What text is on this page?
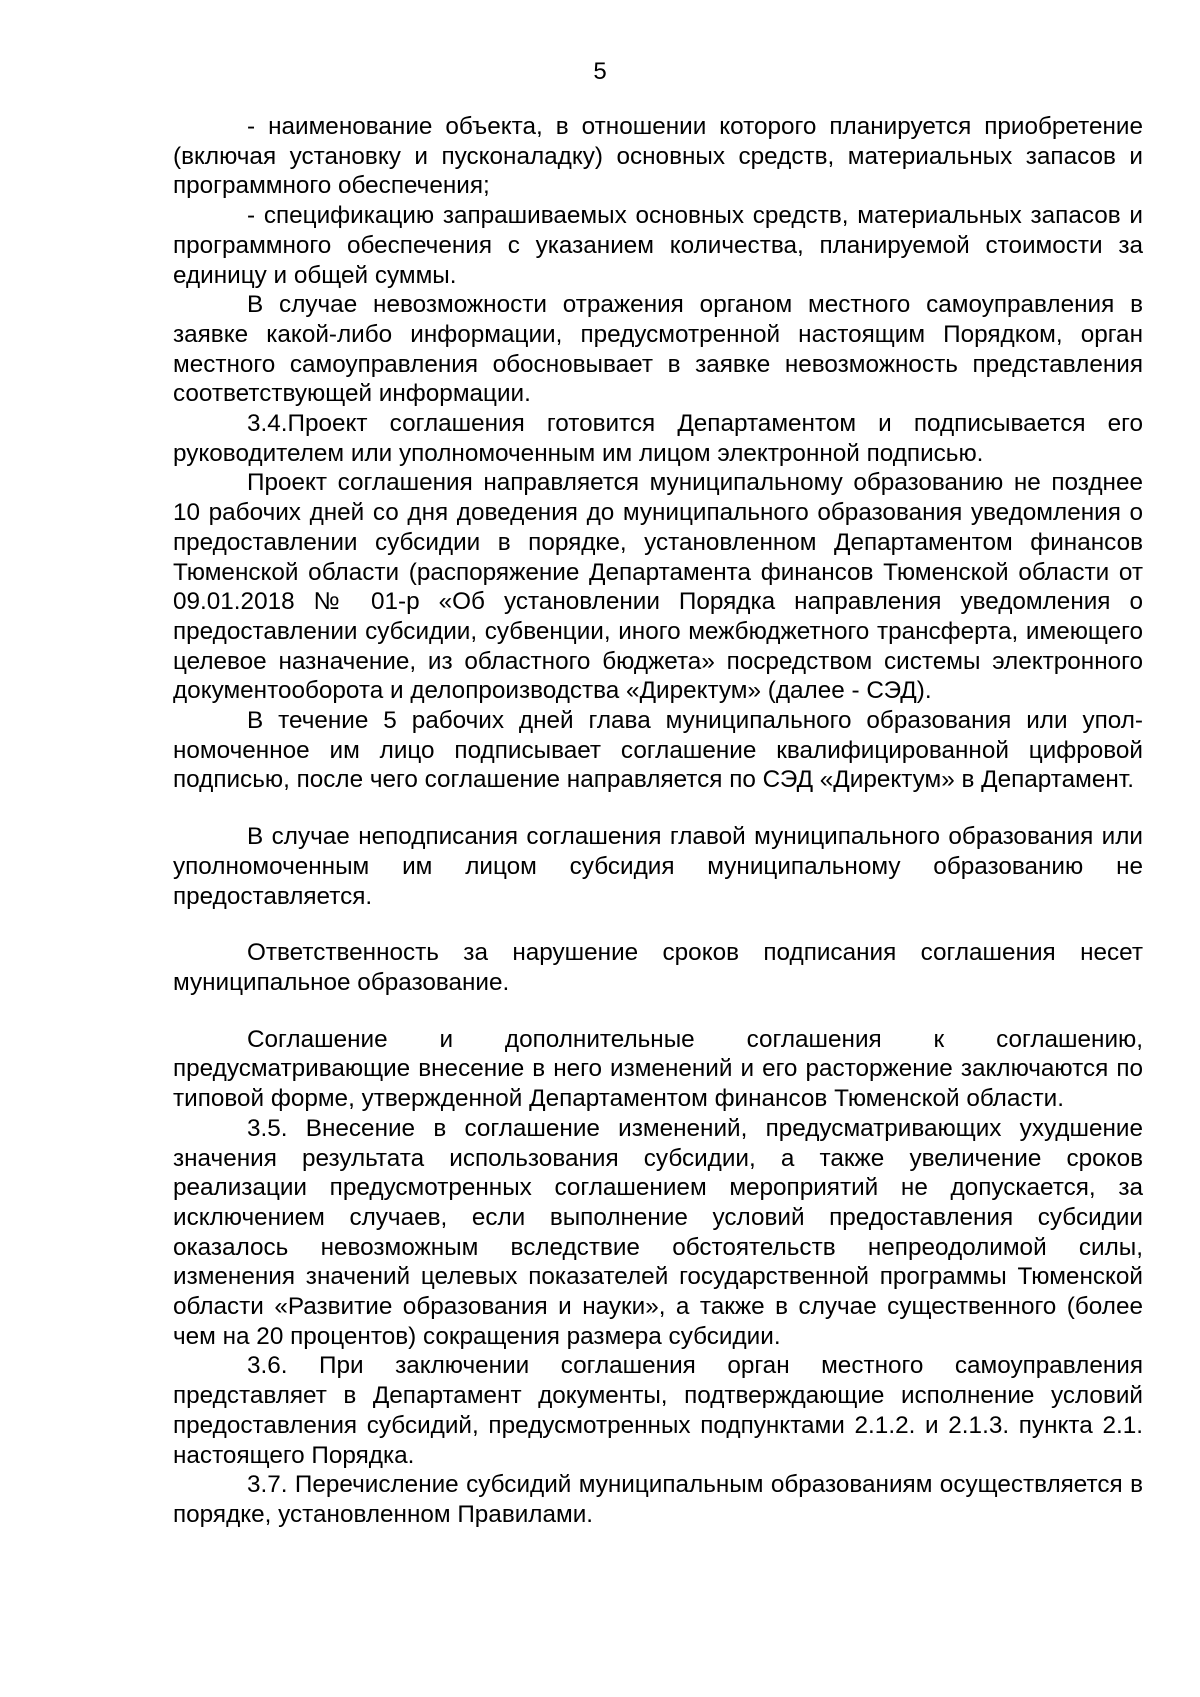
5

- наименование объекта, в отношении которого планируется приобретение (включая установку и пусконаладку) основных средств, материальных запасов и программного обеспечения;

- спецификацию запрашиваемых основных средств, материальных запасов и программного обеспечения с указанием количества, планируемой стоимости за единицу и общей суммы.

В случае невозможности отражения органом местного самоуправления в заявке какой-либо информации, предусмотренной настоящим Порядком, орган местного самоуправления обосновывает в заявке невозможность представления соответствующей информации.

3.4.Проект соглашения готовится Департаментом и подписывается его руководителем или уполномоченным им лицом электронной подписью.

Проект соглашения направляется муниципальному образованию не позднее 10 рабочих дней со дня доведения до муниципального образования уведомления о предоставлении субсидии в порядке, установленном Департаментом финансов Тюменской области (распоряжение Департамента финансов Тюменской области от 09.01.2018 № 01-р «Об установлении Порядка направления уведомления о предоставлении субсидии, субвенции, иного межбюджетного трансферта, имеющего целевое назначение, из областного бюджета» посредством системы электронного документооборота и делопроизводства «Директум» (далее - СЭД).

В течение 5 рабочих дней глава муниципального образования или уполномоченное им лицо подписывает соглашение квалифицированной цифровой подписью, после чего соглашение направляется по СЭД «Директум» в Департамент.

В случае неподписания соглашения главой муниципального образования или уполномоченным им лицом субсидия муниципальному образованию не предоставляется.

Ответственность за нарушение сроков подписания соглашения несет муниципальное образование.

Соглашение и дополнительные соглашения к соглашению, предусматривающие внесение в него изменений и его расторжение заключаются по типовой форме, утвержденной Департаментом финансов Тюменской области.

3.5. Внесение в соглашение изменений, предусматривающих ухудшение значения результата использования субсидии, а также увеличение сроков реализации предусмотренных соглашением мероприятий не допускается, за исключением случаев, если выполнение условий предоставления субсидии оказалось невозможным вследствие обстоятельств непреодолимой силы, изменения значений целевых показателей государственной программы Тюменской области «Развитие образования и науки», а также в случае существенного (более чем на 20 процентов) сокращения размера субсидии.

3.6. При заключении соглашения орган местного самоуправления представляет в Департамент документы, подтверждающие исполнение условий предоставления субсидий, предусмотренных подпунктами 2.1.2. и 2.1.3. пункта 2.1. настоящего Порядка.

3.7. Перечисление субсидий муниципальным образованиям осуществляется в порядке, установленном Правилами.
